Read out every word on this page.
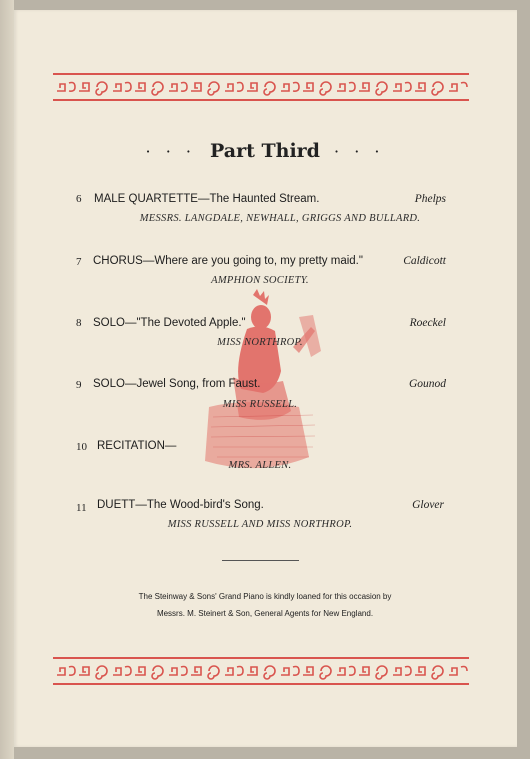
· · · Part Third · · ·
6 MALE QUARTETTE—The Haunted Stream.	Phelps
MESSRS. LANGDALE, NEWHALL, GRIGGS AND BULLARD.
7 CHORUS—Where are you going to, my pretty maid."	Caldicott
AMPHION SOCIETY.
8 SOLO—"The Devoted Apple."	Roeckel
MISS NORTHROP.
9 SOLO—Jewel Song, from Faust.	Gounod
MISS RUSSELL.
10 RECITATION—
MRS. ALLEN.
11 DUETT—The Wood-bird's Song.	Glover
MISS RUSSELL AND MISS NORTHROP.
The Steinway & Sons' Grand Piano is kindly loaned for this occasion by
Messrs. M. Steinert & Son, General Agents for New England.
